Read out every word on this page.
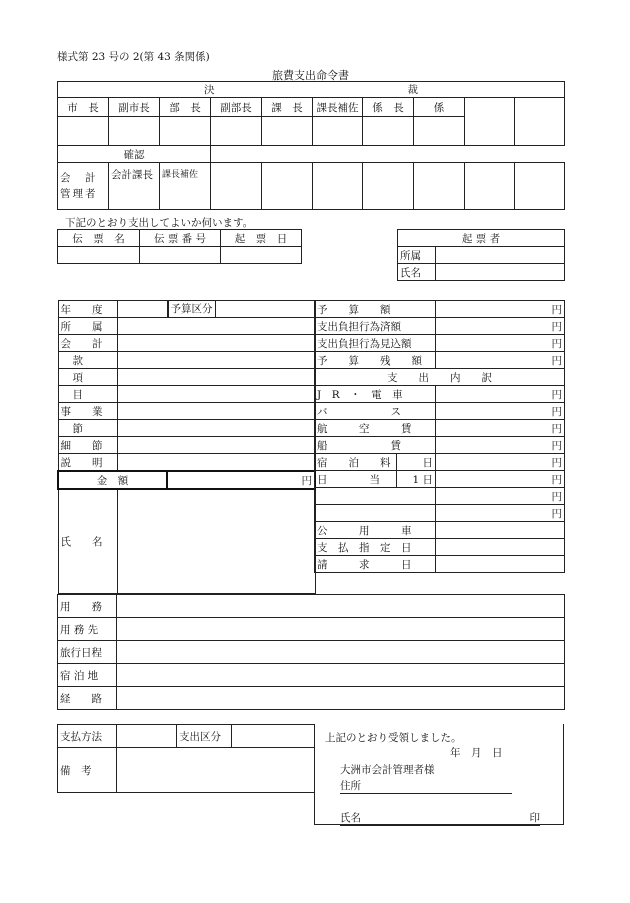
様式第 23 号の 2(第 43 条関係)
旅費支出命令書
決			裁						
市　長	副市長	部　長	副部長	課　長	課長補佐	係　長	係		

確認									
会　計
管理者	会計課長	課長補佐							
下記のとおり支出してよいか伺います。
伝　票　名	伝 票 番 号	起　票　日
			起 票 者	
所属	
氏名	
年　　度		予算区分
所　　属		
会　　計		
款		
項		
目		
事　　業		
節		
細　　節		
説　　明		
金　額		円
氏　　名		
予　　算　　額		円
支出負担行為済額		円
支出負担行為見込額		円
予　　算　　残　　額		円
支　　出　　内　　訳		
J　R　・　電　車		円
バ　　　　　　ス		円
航　　　空　　　賃		円
船　　　　　　賃		円
宿　　泊　　料	日	円
日　　　　当	1 日	円
		円
		円
公　　　用　　　車		
支　払　指　定　日		
請　　　求　　　日		
用　　務	
用 務 先	
旅行日程	
宿 泊 地	
経　　路	
支払方法		支出区分	
備　考			
上記のとおり受領しました。
年　月　日
大洲市会計管理者様
住所
氏名	印
